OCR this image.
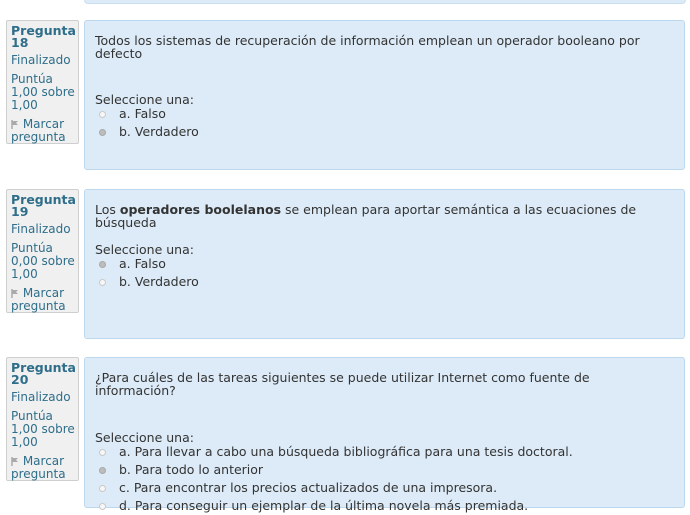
Pregunta
18
Finalizado
Puntúa
1,00 sobre
1,00
Marcar
pregunta
Todos los sistemas de recuperación de información emplean un operador booleano por defecto
Seleccione una:
a. Falso
b. Verdadero
Pregunta
19
Finalizado
Puntúa
0,00 sobre
1,00
Marcar
pregunta
Los operadores boolelanos se emplean para aportar semántica a las ecuaciones de búsqueda
Seleccione una:
a. Falso
b. Verdadero
Pregunta
20
Finalizado
Puntúa
1,00 sobre
1,00
Marcar
pregunta
¿Para cuáles de las tareas siguientes se puede utilizar Internet como fuente de información?
Seleccione una:
a. Para llevar a cabo una búsqueda bibliográfica para una tesis doctoral.
b. Para todo lo anterior
c. Para encontrar los precios actualizados de una impresora.
d. Para conseguir un ejemplar de la última novela más premiada.
